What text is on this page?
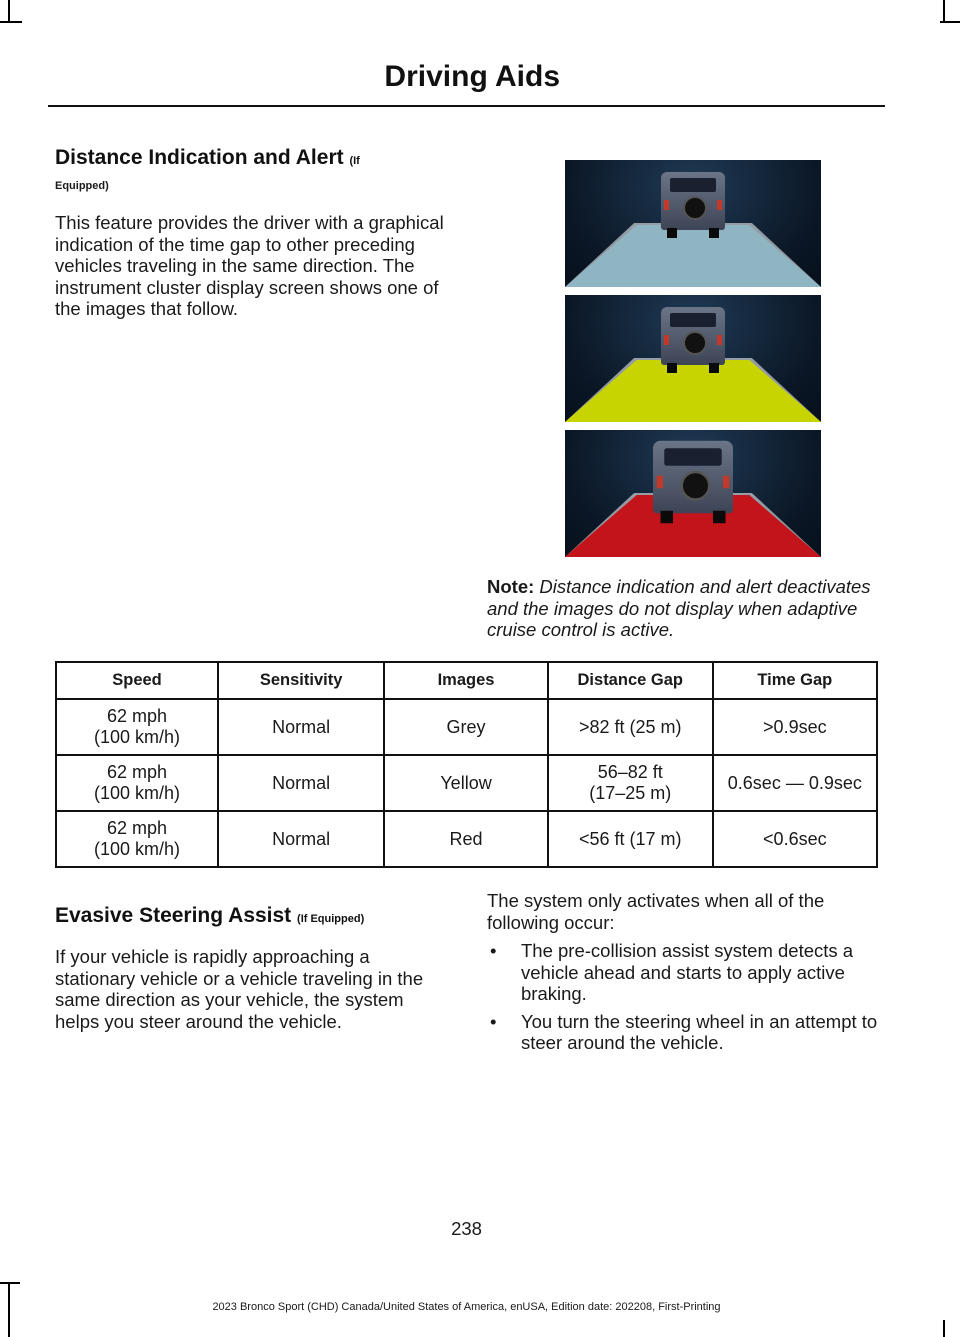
Driving Aids
Distance Indication and Alert (If
Equipped)
This feature provides the driver with a graphical indication of the time gap to other preceding vehicles traveling in the same direction. The instrument cluster display screen shows one of the images that follow.
Note: Distance indication and alert deactivates and the images do not display when adaptive cruise control is active.
Speed	Sensitivity	Images	Distance Gap	Time Gap
62 mph
(100 km/h)	Normal	Grey	>82 ft (25 m)	>0.9sec
62 mph
(100 km/h)	Normal	Yellow	56–82 ft
(17–25 m)	0.6sec — 0.9sec
62 mph
(100 km/h)	Normal	Red	<56 ft (17 m)	<0.6sec
Evasive Steering Assist (If Equipped)
If your vehicle is rapidly approaching a stationary vehicle or a vehicle traveling in the same direction as your vehicle, the system helps you steer around the vehicle.
The system only activates when all of the following occur:
• The pre-collision assist system detects a vehicle ahead and starts to apply active braking.
• You turn the steering wheel in an attempt to steer around the vehicle.
238
2023 Bronco Sport (CHD) Canada/United States of America, enUSA, Edition date: 202208, First-Printing
